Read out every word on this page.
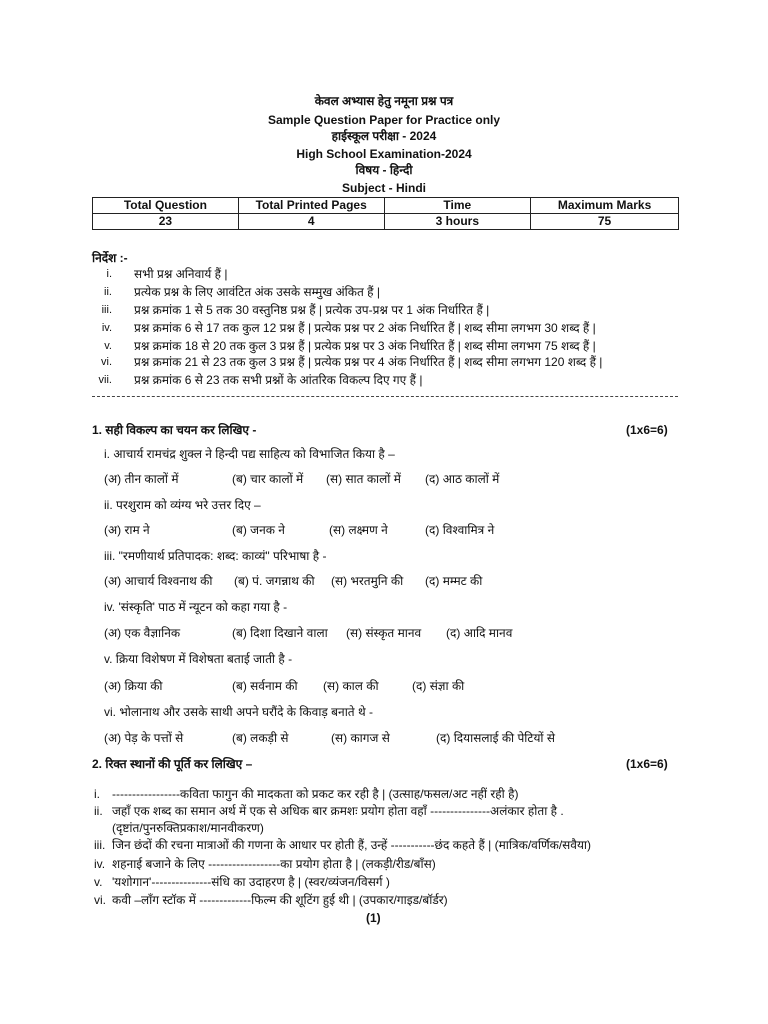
केवल अभ्यास हेतु नमूना प्रश्न पत्र
Sample Question Paper for Practice only
हाईस्कूल परीक्षा - 2024
High School Examination-2024
विषय - हिन्दी
Subject - Hindi
Total Question	Total Printed Pages	Time	Maximum Marks
23	4	3 hours	75
निर्देश :-
i. सभी प्रश्न अनिवार्य हैं |
ii. प्रत्येक प्रश्न के लिए आवंटित अंक उसके सम्मुख अंकित हैं |
iii. प्रश्न क्रमांक 1 से 5 तक 30 वस्तुनिष्ठ प्रश्न हैं | प्रत्येक उप-प्रश्न पर 1 अंक निर्धारित हैं |
iv. प्रश्न क्रमांक 6 से 17 तक कुल 12 प्रश्न हैं | प्रत्येक प्रश्न पर 2 अंक निर्धारित हैं | शब्द सीमा लगभग 30 शब्द हैं |
v. प्रश्न क्रमांक 18 से 20 तक कुल 3 प्रश्न हैं | प्रत्येक प्रश्न पर 3 अंक निर्धारित हैं | शब्द सीमा लगभग 75 शब्द हैं |
vi. प्रश्न क्रमांक 21 से 23 तक कुल 3 प्रश्न हैं | प्रत्येक प्रश्न पर 4 अंक निर्धारित हैं | शब्द सीमा लगभग 120 शब्द हैं |
vii. प्रश्न क्रमांक 6 से 23 तक सभी प्रश्नों के आंतरिक विकल्प दिए गए हैं |
1. सही विकल्प का चयन कर लिखिए -	(1x6=6)
i. आचार्य रामचंद्र शुक्ल ने हिन्दी पद्य साहित्य को विभाजित किया है –
(अ) तीन कालों में	(ब) चार कालों में (स) सात कालों में (द) आठ कालों में
ii. परशुराम को व्यंग्य भरे उत्तर दिए –
(अ) राम ने	(ब) जनक ने	(स) लक्ष्मण ने	(द) विश्वामित्र ने
iii. "रमणीयार्थ प्रतिपादक: शब्द: काव्यं" परिभाषा है -
(अ) आचार्य विश्वनाथ की (ब) पं. जगन्नाथ की (स) भरतमुनि की (द) मम्मट की
iv. 'संस्कृति' पाठ में न्यूटन को कहा गया है -
(अ) एक वैज्ञानिक	(ब) दिशा दिखाने वाला (स) संस्कृत मानव (द) आदि मानव
v. क्रिया विशेषण में विशेषता बताई जाती है -
(अ) क्रिया की	(ब) सर्वनाम की (स) काल की	(द) संज्ञा की
vi. भोलानाथ और उसके साथी अपने घरौंदे के किवाड़ बनाते थे -
(अ) पेड़ के पत्तों से	(ब) लकड़ी से	(स) कागज से	(द) दियासलाई की पेटियों से
2. रिक्त स्थानों की पूर्ति कर लिखिए –	(1x6=6)
i. -----------------कविता फागुन की मादकता को प्रकट कर रही है | (उत्साह/फसल/अट नहीं रही है)
ii. जहाँ एक शब्द का समान अर्थ में एक से अधिक बार क्रमशः प्रयोग होता वहाँ ---------------अलंकार होता है .
(दृष्टांत/पुनरुक्तिप्रकाश/मानवीकरण)
iii. जिन छंदों की रचना मात्राओं की गणना के आधार पर होती हैं, उन्हें -----------छंद कहते हैं | (मात्रिक/वर्णिक/सवैया)
iv. शहनाई बजाने के लिए ------------------का प्रयोग होता है | (लकड़ी/रीड/बाँस)
v. 'यशोगान'---------------संधि का उदाहरण है | (स्वर/व्यंजन/विसर्ग )
vi. कवी –लॉंग स्टॉक में -------------फिल्म की शूटिंग हुई थी | (उपकार/गाइड/बॉर्डर)
(1)
